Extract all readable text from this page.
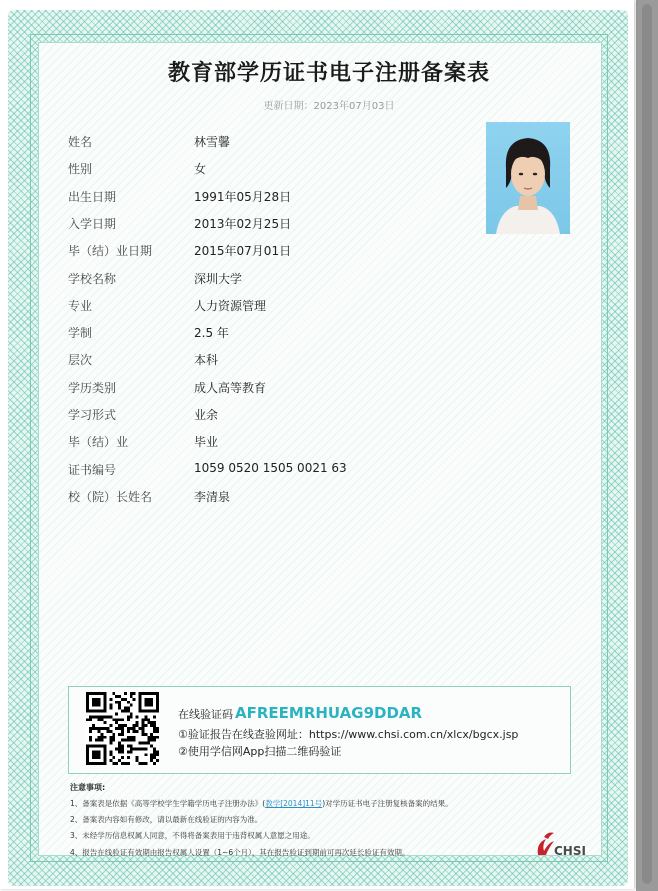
教育部学历证书电子注册备案表
更新日期：2023年07月03日
姓名	林雪馨
性别	女
出生日期	1991年05月28日
入学日期	2013年02月25日
毕（结）业日期	2015年07月01日
学校名称	深圳大学
专业	人力资源管理
学制	2.5 年
层次	本科
学历类别	成人高等教育
学习形式	业余
毕（结）业	毕业
证书编号	1059 0520 1505 0021 63
校（院）长姓名	李清泉
在线验证码 AFREEMRHUAG9DDAR
①验证报告在线查验网址：https://www.chsi.com.cn/xlcx/bgcx.jsp
②使用学信网App扫描二维码验证
注意事项:
1、备案表是依据《高等学校学生学籍学历电子注册办法》(教学[2014]11号)对学历证书电子注册复核备案的结果。
2、备案表内容如有修改，请以最新在线验证的内容为准。
3、未经学历信息权属人同意，不得将备案表用于违背权属人意愿之用途。
4、报告在线验证有效期由报告权属人设置（1~6个月），其在报告验证到期前可再次延长验证有效期。	CHSI
